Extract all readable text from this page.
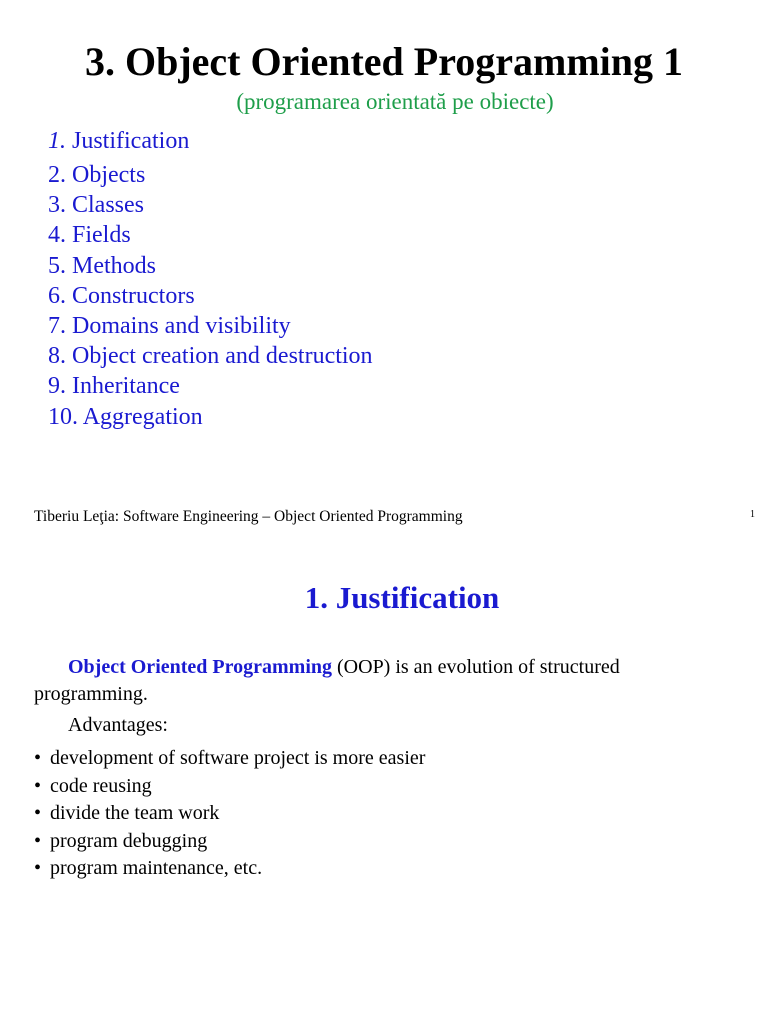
3. Object Oriented Programming 1
(programarea orientată pe obiecte)
1. Justification
2. Objects
3. Classes
4. Fields
5. Methods
6. Constructors
7. Domains and visibility
8. Object creation and destruction
9. Inheritance
10. Aggregation
Tiberiu Leţia: Software Engineering – Object Oriented Programming	1
1. Justification
Object Oriented Programming (OOP) is an evolution of structured programming.
Advantages:
• development of software project is more easier
• code reusing
• divide the team work
• program debugging
• program maintenance, etc.
